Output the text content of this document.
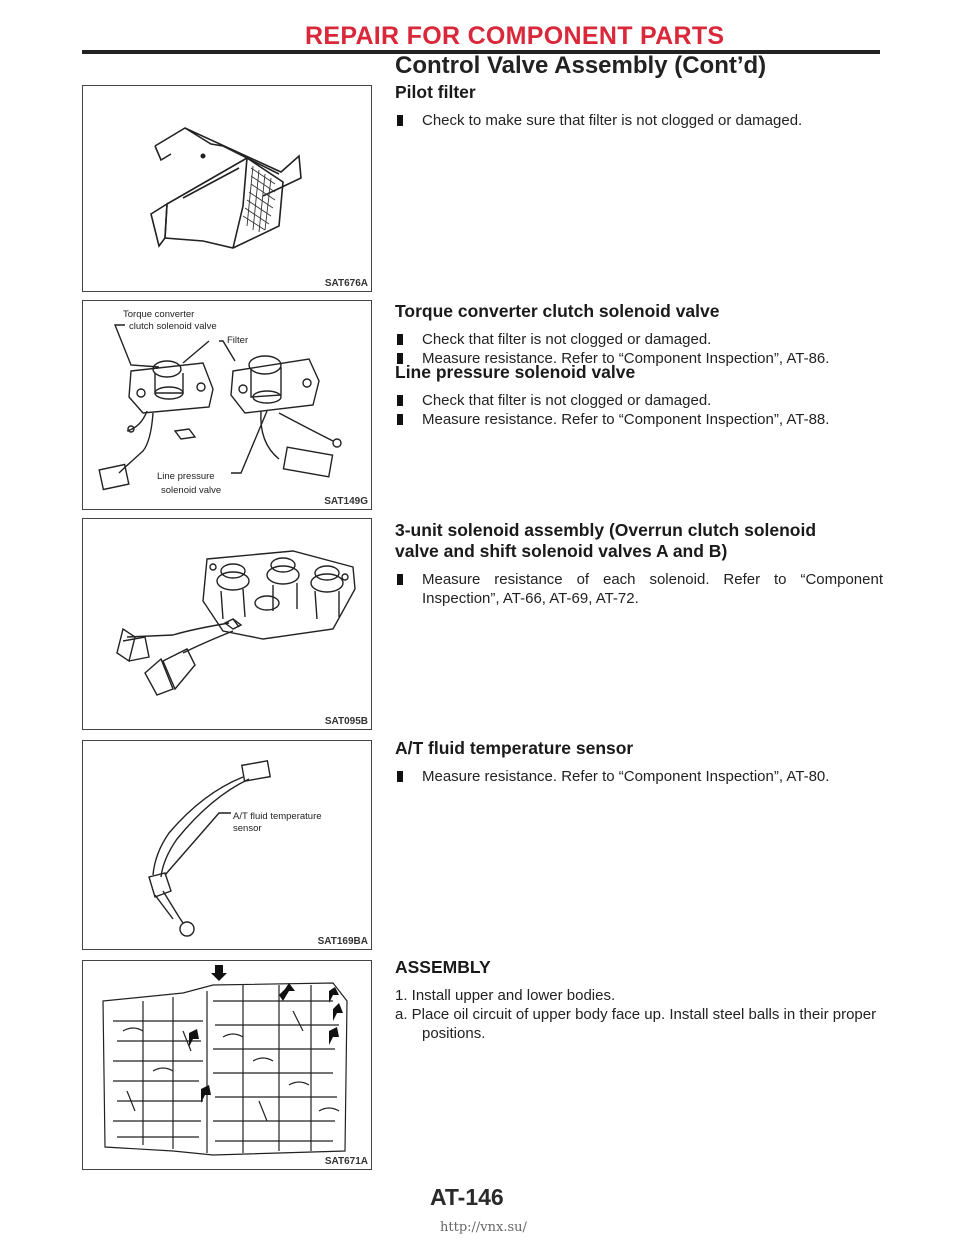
REPAIR FOR COMPONENT PARTS
Control Valve Assembly (Cont’d)
SAT676A
Torque converter
clutch solenoid valve
Filter
Line pressure
solenoid valve
SAT149G
SAT095B
A/T fluid temperature
sensor
SAT169BA
SAT671A
Pilot filter
Check to make sure that filter is not clogged or damaged.
Torque converter clutch solenoid valve
Check that filter is not clogged or damaged.
Measure resistance. Refer to “Component Inspection”, AT-86.
Line pressure solenoid valve
Check that filter is not clogged or damaged.
Measure resistance. Refer to “Component Inspection”, AT-88.
3-unit solenoid assembly (Overrun clutch solenoid
valve and shift solenoid valves A and B)
Measure resistance of each solenoid. Refer to “Component Inspection”, AT-66, AT-69, AT-72.
A/T fluid temperature sensor
Measure resistance. Refer to “Component Inspection”, AT-80.
ASSEMBLY

1. Install upper and lower bodies.

a. Place oil circuit of upper body face up. Install steel balls in their proper positions.

AT-146
http://vnx.su/
